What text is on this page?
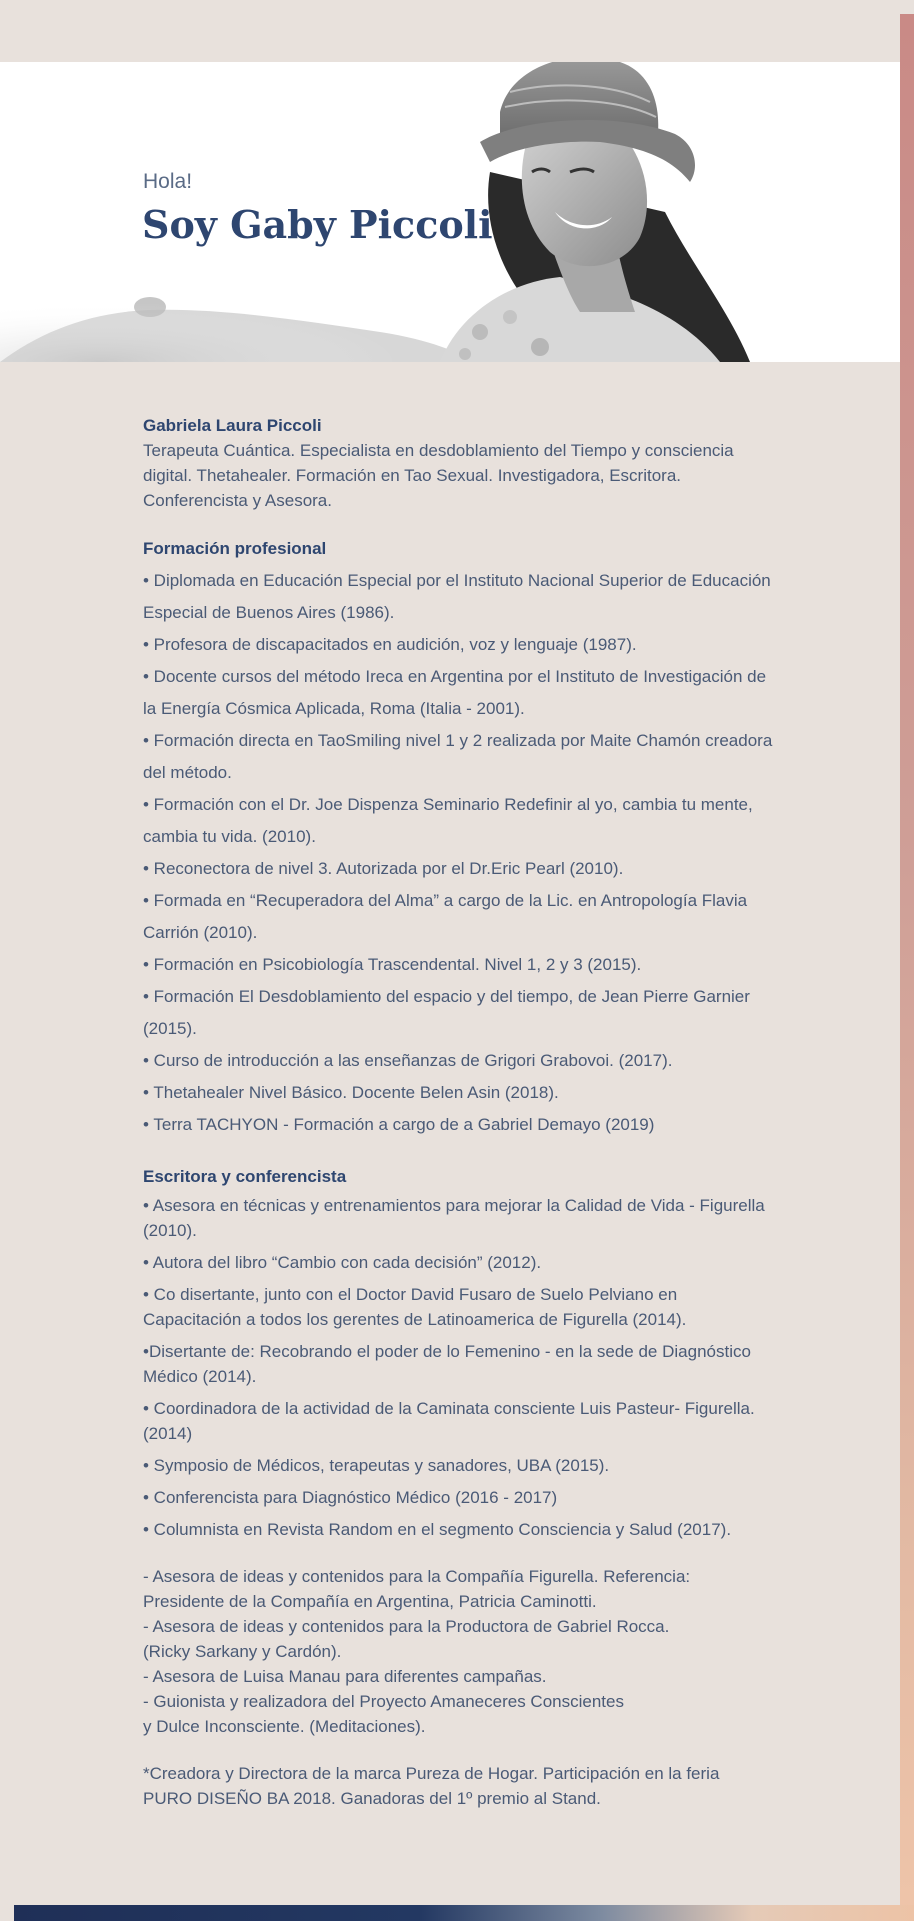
Hola!
Soy Gaby Piccoli

Gabriela Laura Piccoli

Terapeuta Cuántica. Especialista en desdoblamiento del Tiempo y consciencia digital. Thetahealer. Formación en Tao Sexual. Investigadora, Escritora. Conferencista y Asesora.

Formación profesional

• Diplomada en Educación Especial por el Instituto Nacional Superior de Educación Especial de Buenos Aires (1986).
• Profesora de discapacitados en audición, voz y lenguaje (1987).
• Docente cursos del método Ireca en Argentina por el Instituto de Investigación de la Energía Cósmica Aplicada, Roma (Italia - 2001).
• Formación directa en TaoSmiling nivel 1 y 2 realizada por Maite Chamón creadora del método.
• Formación con el Dr. Joe Dispenza Seminario Redefinir al yo, cambia tu mente, cambia tu vida. (2010).
• Reconectora de nivel 3. Autorizada por el Dr.Eric Pearl (2010).
• Formada en “Recuperadora del Alma” a cargo de la Lic. en Antropología Flavia Carrión (2010).
• Formación en Psicobiología Trascendental. Nivel 1, 2 y 3 (2015).
• Formación El Desdoblamiento del espacio y del tiempo, de Jean Pierre Garnier (2015).
• Curso de introducción a las enseñanzas de Grigori Grabovoi. (2017).
• Thetahealer Nivel Básico. Docente Belen Asin (2018).
• Terra TACHYON - Formación a cargo de a Gabriel Demayo (2019)

Escritora y conferencista

• Asesora en técnicas y entrenamientos para mejorar la Calidad de Vida - Figurella (2010).
• Autora del libro “Cambio con cada decisión” (2012).
• Co disertante, junto con el Doctor David Fusaro de Suelo Pelviano en Capacitación a todos los gerentes de Latinoamerica de Figurella (2014).
•Disertante de: Recobrando el poder de lo Femenino - en la sede de Diagnóstico Médico (2014).
• Coordinadora de la actividad de la Caminata consciente Luis Pasteur- Figurella. (2014)
• Symposio de Médicos, terapeutas y sanadores, UBA (2015).
• Conferencista para Diagnóstico Médico (2016 - 2017)
• Columnista en Revista Random en el segmento Consciencia y Salud (2017).
- Asesora de ideas y contenidos para la Compañía Figurella. Referencia:
Presidente de la Compañía en Argentina, Patricia Caminotti.
- Asesora de ideas y contenidos para la Productora de Gabriel Rocca.
(Ricky Sarkany y Cardón).
- Asesora de Luisa Manau para diferentes campañas.
- Guionista y realizadora del Proyecto Amaneceres Conscientes
y Dulce Inconsciente. (Meditaciones).
*Creadora y Directora de la marca Pureza de Hogar. Participación en la feria
PURO DISEÑO BA 2018. Ganadoras del 1º premio al Stand.
